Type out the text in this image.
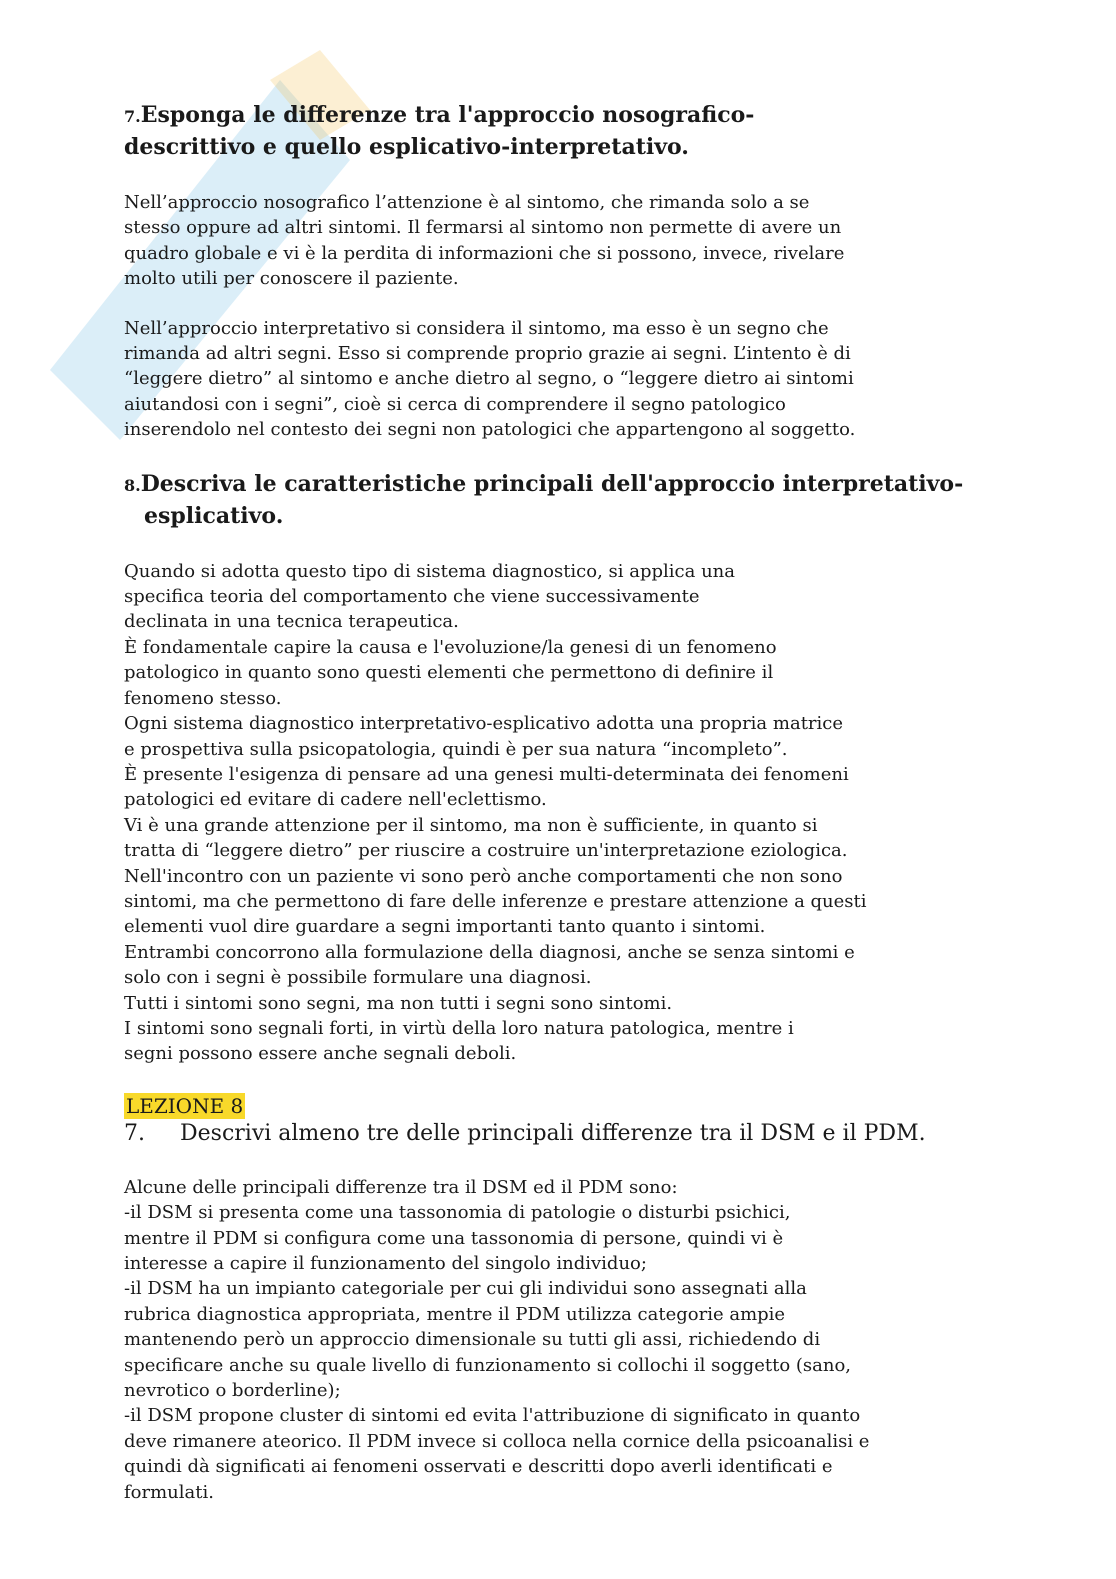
7.Esponga le differenze tra l'approccio nosografico-
descrittivo e quello esplicativo-interpretativo.

Nell’approccio nosografico l’attenzione è al sintomo, che rimanda solo a se
stesso oppure ad altri sintomi. Il fermarsi al sintomo non permette di avere un
quadro globale e vi è la perdita di informazioni che si possono, invece, rivelare
molto utili per conoscere il paziente.

Nell’approccio interpretativo si considera il sintomo, ma esso è un segno che
rimanda ad altri segni. Esso si comprende proprio grazie ai segni. L’intento è di
“leggere dietro” al sintomo e anche dietro al segno, o “leggere dietro ai sintomi
aiutandosi con i segni”, cioè si cerca di comprendere il segno patologico
inserendolo nel contesto dei segni non patologici che appartengono al soggetto.

8.Descriva le caratteristiche principali dell'approccio interpretativo-
esplicativo.

Quando si adotta questo tipo di sistema diagnostico, si applica una
specifica teoria del comportamento che viene successivamente
declinata in una tecnica terapeutica.
È fondamentale capire la causa e l'evoluzione/la genesi di un fenomeno
patologico in quanto sono questi elementi che permettono di definire il
fenomeno stesso.
Ogni sistema diagnostico interpretativo-esplicativo adotta una propria matrice
e prospettiva sulla psicopatologia, quindi è per sua natura “incompleto”.
È presente l'esigenza di pensare ad una genesi multi-determinata dei fenomeni
patologici ed evitare di cadere nell'eclettismo.
Vi è una grande attenzione per il sintomo, ma non è sufficiente, in quanto si
tratta di “leggere dietro” per riuscire a costruire un'interpretazione eziologica.
Nell'incontro con un paziente vi sono però anche comportamenti che non sono
sintomi, ma che permettono di fare delle inferenze e prestare attenzione a questi
elementi vuol dire guardare a segni importanti tanto quanto i sintomi.
Entrambi concorrono alla formulazione della diagnosi, anche se senza sintomi e
solo con i segni è possibile formulare una diagnosi.
Tutti i sintomi sono segni, ma non tutti i segni sono sintomi.
I sintomi sono segnali forti, in virtù della loro natura patologica, mentre i
segni possono essere anche segnali deboli.

LEZIONE 8
7.	Descrivi almeno tre delle principali differenze tra il DSM e il PDM.

Alcune delle principali differenze tra il DSM ed il PDM sono:
-il DSM si presenta come una tassonomia di patologie o disturbi psichici,
mentre il PDM si configura come una tassonomia di persone, quindi vi è
interesse a capire il funzionamento del singolo individuo;
-il DSM ha un impianto categoriale per cui gli individui sono assegnati alla
rubrica diagnostica appropriata, mentre il PDM utilizza categorie ampie
mantenendo però un approccio dimensionale su tutti gli assi, richiedendo di
specificare anche su quale livello di funzionamento si collochi il soggetto (sano,
nevrotico o borderline);
-il DSM propone cluster di sintomi ed evita l'attribuzione di significato in quanto
deve rimanere ateorico. Il PDM invece si colloca nella cornice della psicoanalisi e
quindi dà significati ai fenomeni osservati e descritti dopo averli identificati e
formulati.
